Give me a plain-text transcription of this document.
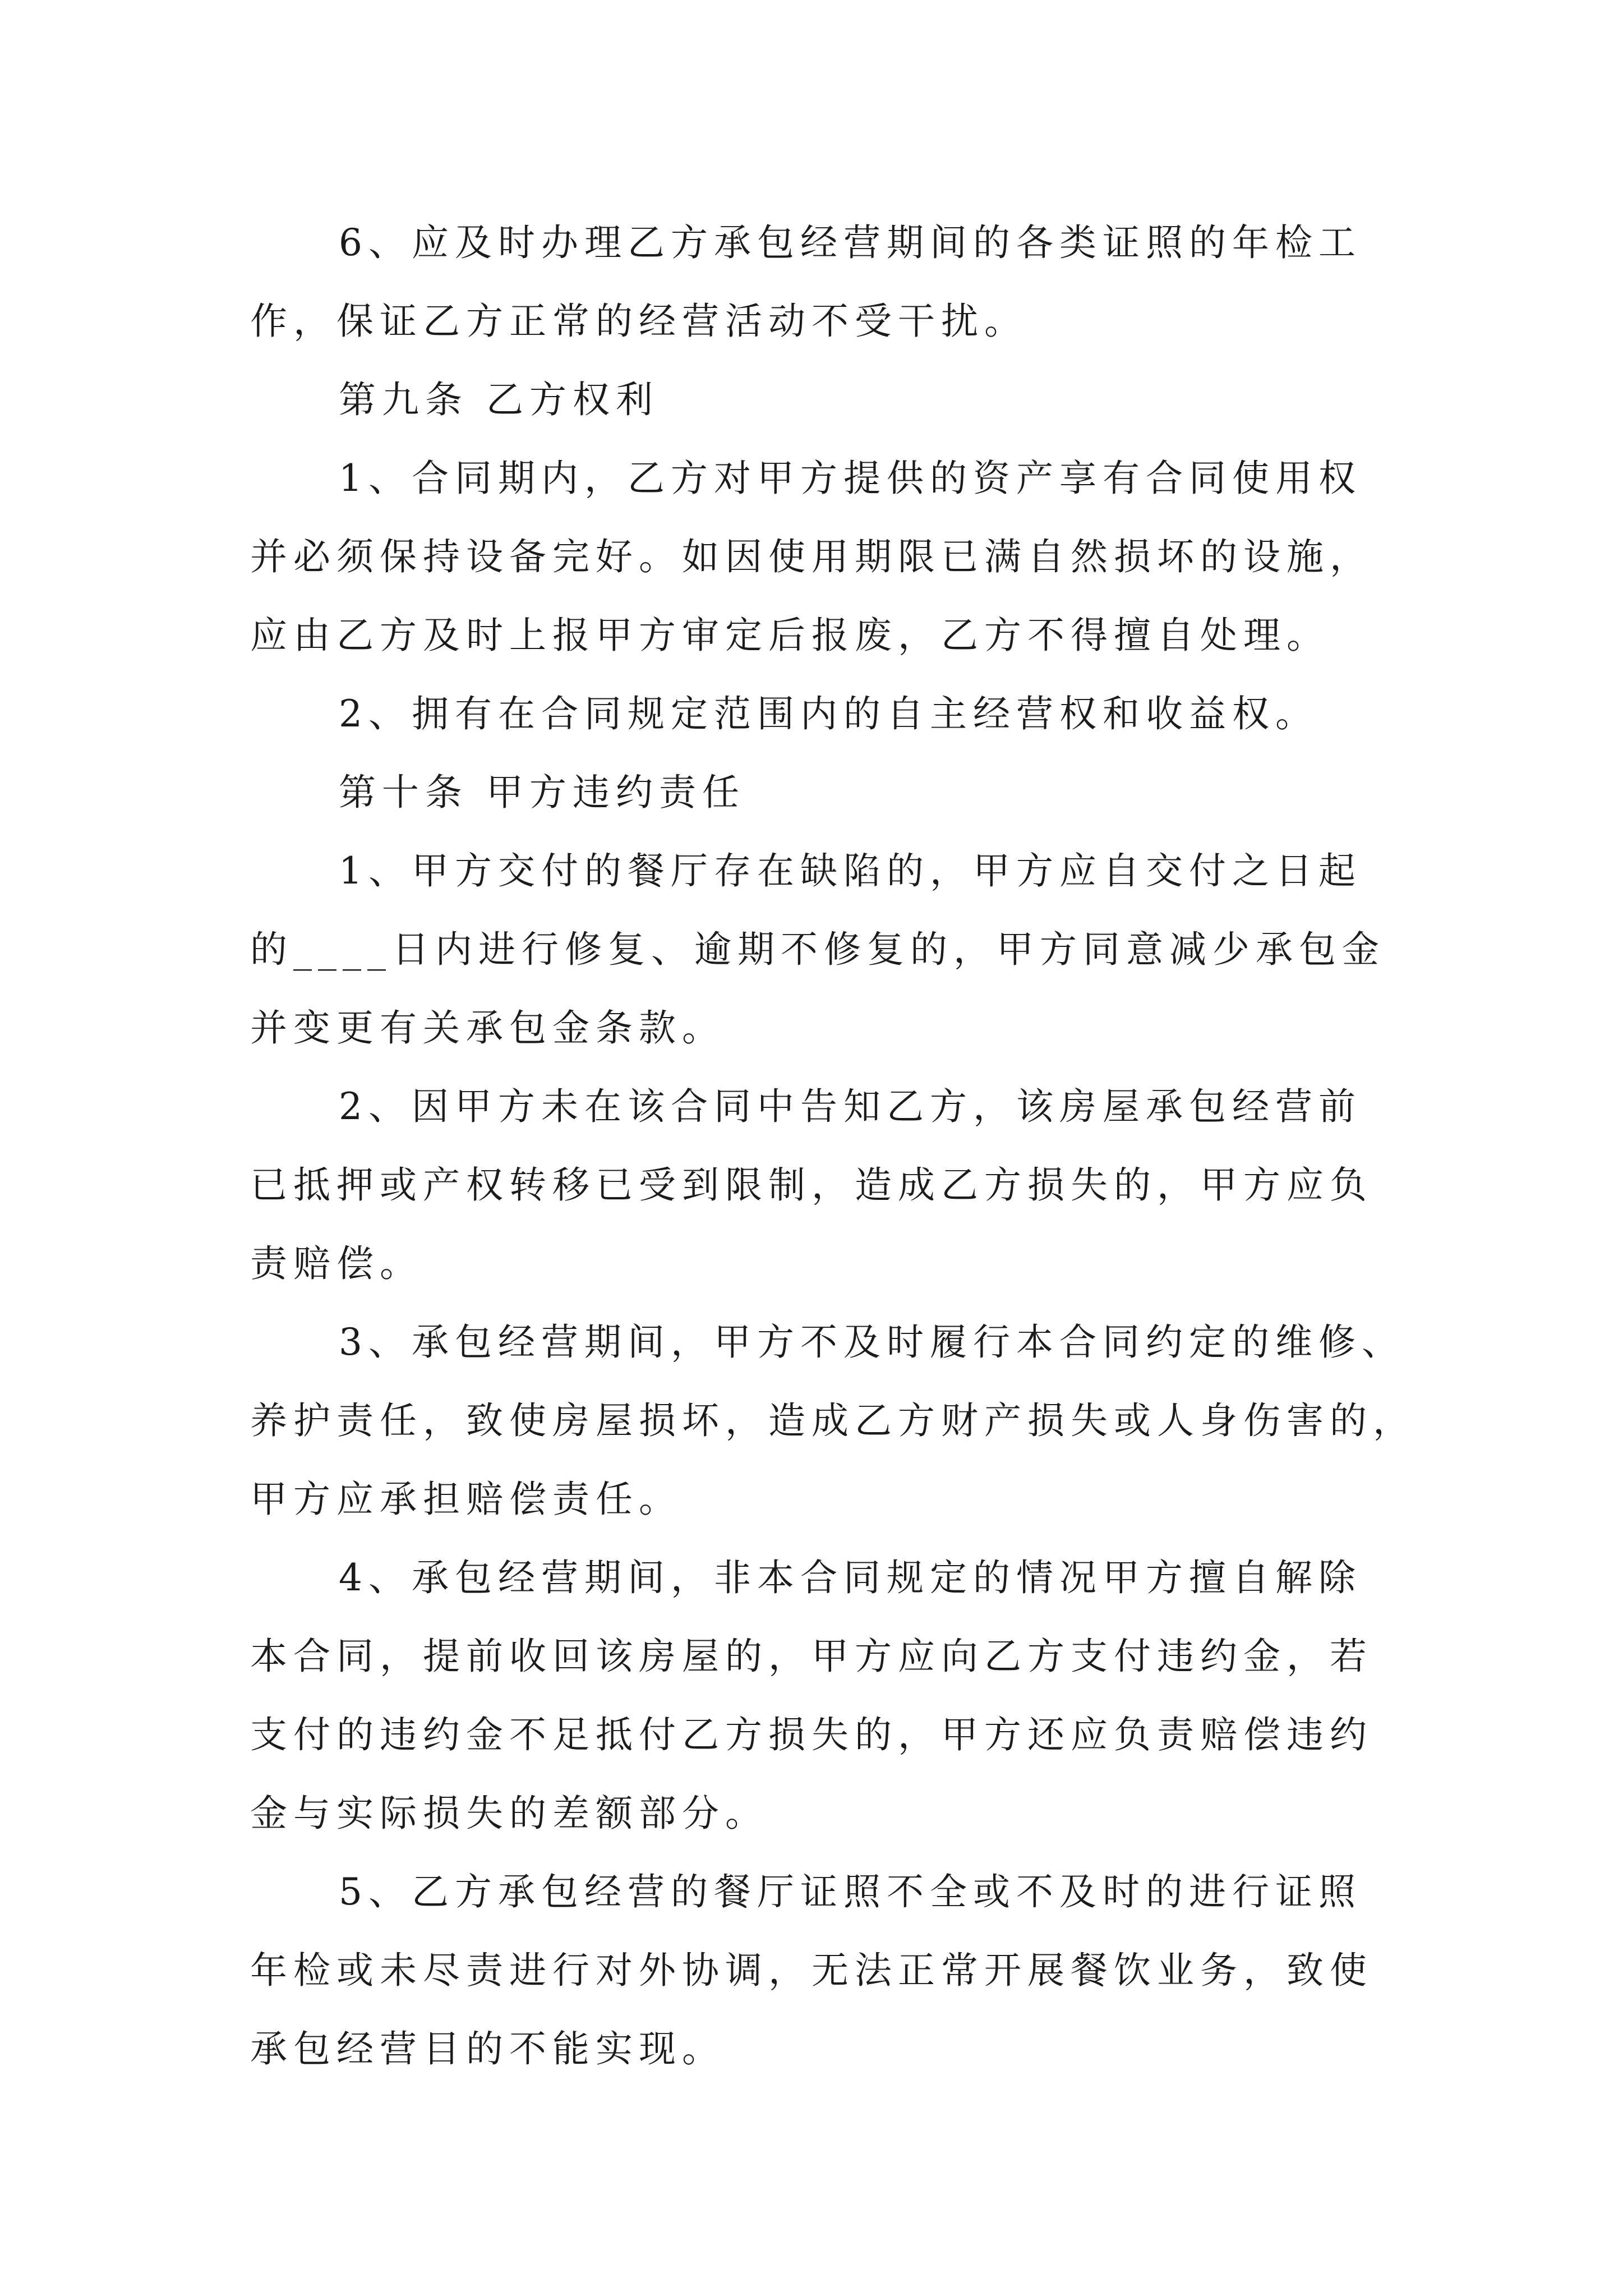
6、应及时办理乙方承包经营期间的各类证照的年检工
作，保证乙方正常的经营活动不受干扰。
第九条 乙方权利
1、合同期内，乙方对甲方提供的资产享有合同使用权
并必须保持设备完好。如因使用期限已满自然损坏的设施，
应由乙方及时上报甲方审定后报废，乙方不得擅自处理。
2、拥有在合同规定范围内的自主经营权和收益权。
第十条 甲方违约责任
1、甲方交付的餐厅存在缺陷的，甲方应自交付之日起
的____日内进行修复、逾期不修复的，甲方同意减少承包金
并变更有关承包金条款。
2、因甲方未在该合同中告知乙方，该房屋承包经营前
已抵押或产权转移已受到限制，造成乙方损失的，甲方应负
责赔偿。
3、承包经营期间，甲方不及时履行本合同约定的维修、
养护责任，致使房屋损坏，造成乙方财产损失或人身伤害的，
甲方应承担赔偿责任。
4、承包经营期间，非本合同规定的情况甲方擅自解除
本合同，提前收回该房屋的，甲方应向乙方支付违约金，若
支付的违约金不足抵付乙方损失的，甲方还应负责赔偿违约
金与实际损失的差额部分。
5、乙方承包经营的餐厅证照不全或不及时的进行证照
年检或未尽责进行对外协调，无法正常开展餐饮业务，致使
承包经营目的不能实现。
